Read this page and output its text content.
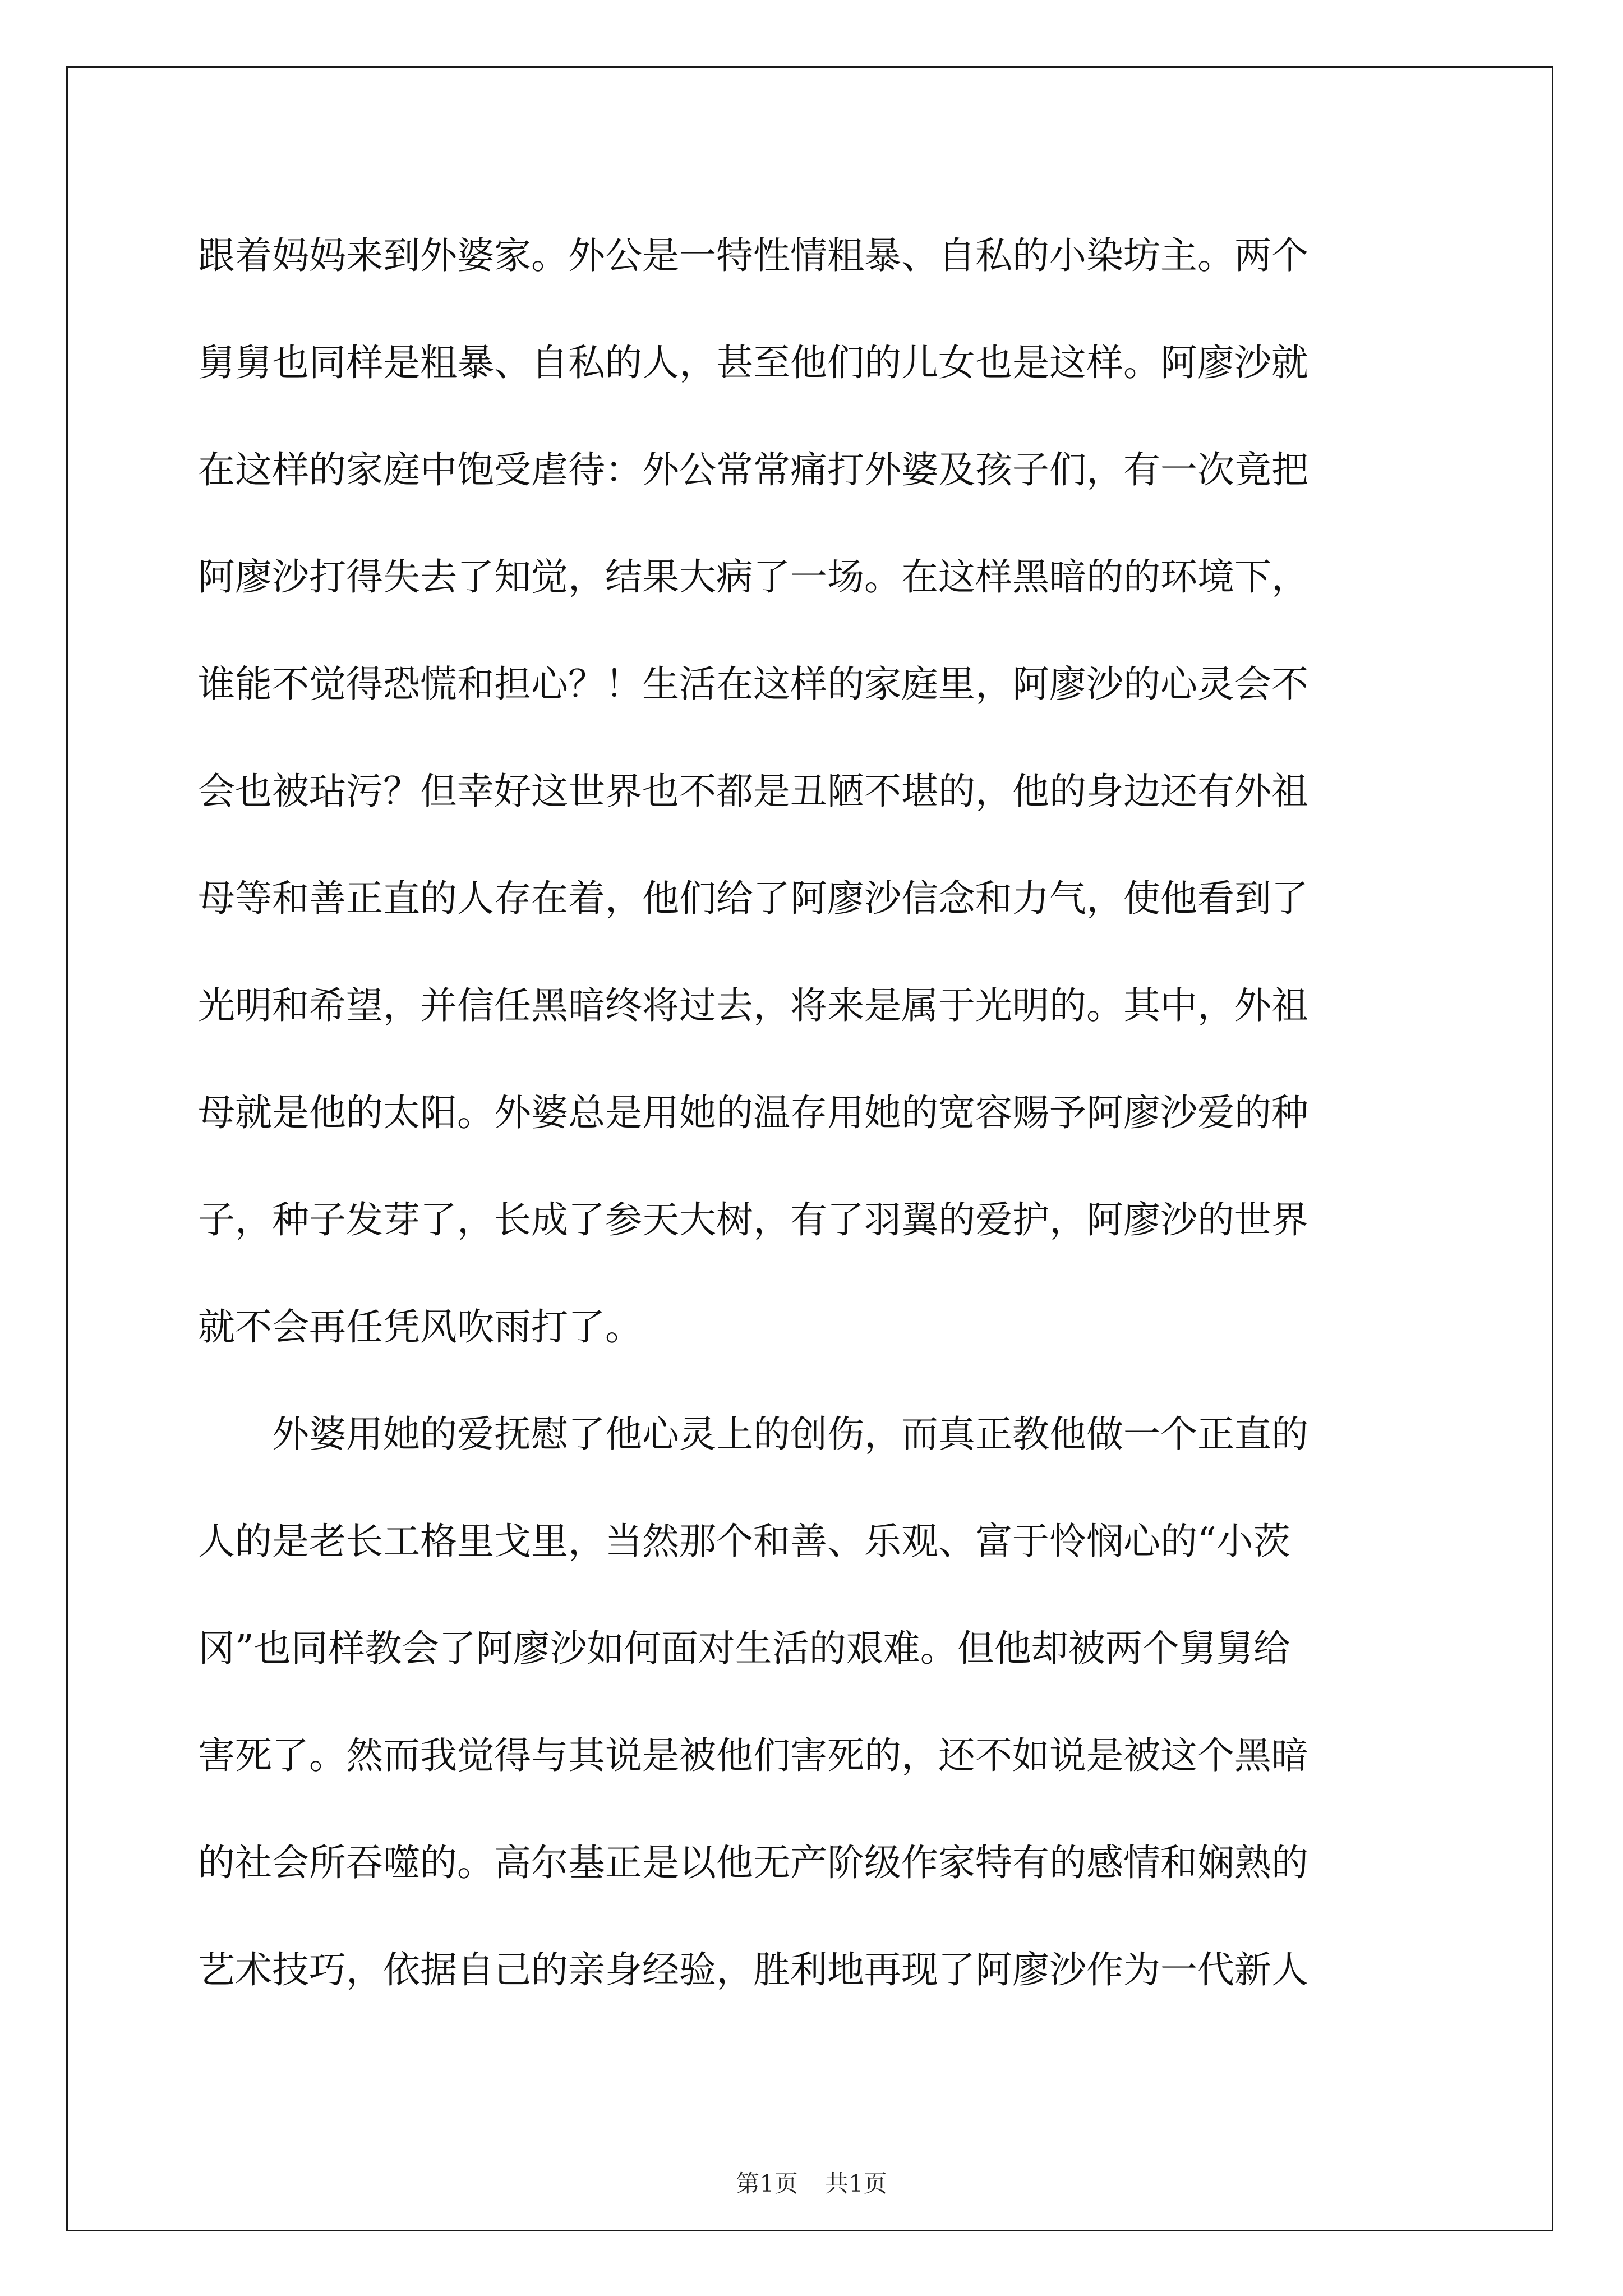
跟着妈妈来到外婆家。外公是一特性情粗暴、自私的小染坊主。两个
舅舅也同样是粗暴、自私的人，甚至他们的儿女也是这样。阿廖沙就
在这样的家庭中饱受虐待：外公常常痛打外婆及孩子们，有一次竟把
阿廖沙打得失去了知觉，结果大病了一场。在这样黑暗的的环境下，
谁能不觉得恐慌和担心？！生活在这样的家庭里，阿廖沙的心灵会不
会也被玷污？但幸好这世界也不都是丑陋不堪的，他的身边还有外祖
母等和善正直的人存在着，他们给了阿廖沙信念和力气，使他看到了
光明和希望，并信任黑暗终将过去，将来是属于光明的。其中，外祖
母就是他的太阳。外婆总是用她的温存用她的宽容赐予阿廖沙爱的种
子，种子发芽了，长成了参天大树，有了羽翼的爱护，阿廖沙的世界
就不会再任凭风吹雨打了。
　　外婆用她的爱抚慰了他心灵上的创伤，而真正教他做一个正直的
人的是老长工格里戈里，当然那个和善、乐观、富于怜悯心的“小茨
冈”也同样教会了阿廖沙如何面对生活的艰难。但他却被两个舅舅给
害死了。然而我觉得与其说是被他们害死的，还不如说是被这个黑暗
的社会所吞噬的。高尔基正是以他无产阶级作家特有的感情和娴熟的
艺术技巧，依据自己的亲身经验，胜利地再现了阿廖沙作为一代新人
第1页 共1页
